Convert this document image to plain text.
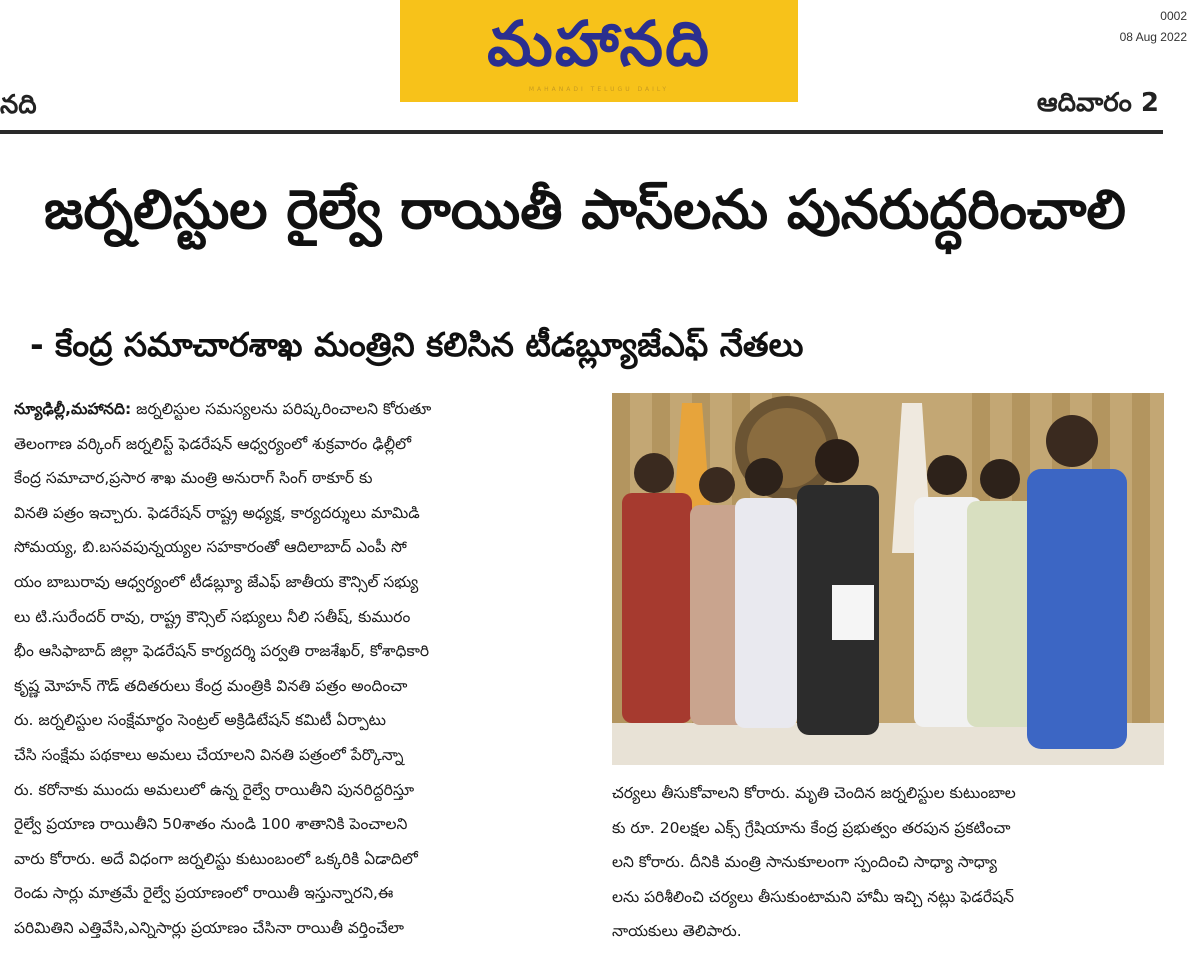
మహానది
MAHANADI TELUGU DAILY
0002
08 Aug 2022
నది	ఆదివారం 2
జర్నలిస్టుల రైల్వే రాయితీ పాస్‌లను పునరుద్ధరించాలి
- కేంద్ర సమాచారశాఖ మంత్రిని కలిసిన టీడబ్ల్యూజేఎఫ్ నేతలు
న్యూఢిల్లీ,మహానది: జర్నలిస్టుల సమస్యలను పరిష్కరించాలని కోరుతూ
తెలంగాణ వర్కింగ్ జర్నలిస్ట్ ఫెడరేషన్ ఆధ్వర్యంలో శుక్రవారం ఢిల్లీలో
కేంద్ర సమాచార,ప్రసార శాఖ మంత్రి అనురాగ్ సింగ్ ఠాకూర్ కు
వినతి పత్రం ఇచ్చారు. ఫెడరేషన్ రాష్ట్ర అధ్యక్ష, కార్యదర్శులు మామిడి
సోమయ్య, బి.బసవపున్నయ్యల సహకారంతో ఆదిలాబాద్ ఎంపీ సో
యం బాబురావు ఆధ్వర్యంలో టీడబ్ల్యూ జేఎఫ్ జాతీయ కౌన్సిల్ సభ్యు
లు టి.సురేందర్ రావు, రాష్ట్ర కౌన్సిల్ సభ్యులు నీలి సతీష్, కుమురం
భీం ఆసిఫాబాద్ జిల్లా ఫెడరేషన్ కార్యదర్శి పర్వతి రాజశేఖర్, కోశాధికారి
కృష్ణ మోహన్ గౌడ్ తదితరులు కేంద్ర మంత్రికి వినతి పత్రం అందించా
రు. జర్నలిస్టుల సంక్షేమార్థం సెంట్రల్ అక్రిడిటేషన్ కమిటీ ఏర్పాటు
చేసి సంక్షేమ పథకాలు అమలు చేయాలని వినతి పత్రంలో పేర్కొన్నా
రు. కరోనాకు ముందు అమలులో ఉన్న రైల్వే రాయితీని పునరిద్దరిస్తూ
రైల్వే ప్రయాణ రాయితీని 50శాతం నుండి 100 శాతానికి పెంచాలని
వారు కోరారు. అదే విధంగా జర్నలిస్టు కుటుంబంలో ఒక్కరికి ఏడాదిలో
రెండు సార్లు మాత్రమే రైల్వే ప్రయాణంలో రాయితీ ఇస్తున్నారని,ఈ
పరిమితిని ఎత్తివేసి,ఎన్నిసార్లు ప్రయాణం చేసినా రాయితీ వర్తించేలా
చర్యలు తీసుకోవాలని కోరారు. మృతి చెందిన జర్నలిస్టుల కుటుంబాల
కు రూ. 20లక్షల ఎక్స్ గ్రేషియాను కేంద్ర ప్రభుత్వం తరపున ప్రకటించా
లని కోరారు. దీనికి మంత్రి సానుకూలంగా స్పందించి సాధ్యా సాధ్యా
లను పరిశీలించి చర్యలు తీసుకుంటామని హామీ ఇచ్చి నట్లు ఫెడరేషన్
నాయకులు తెలిపారు.
